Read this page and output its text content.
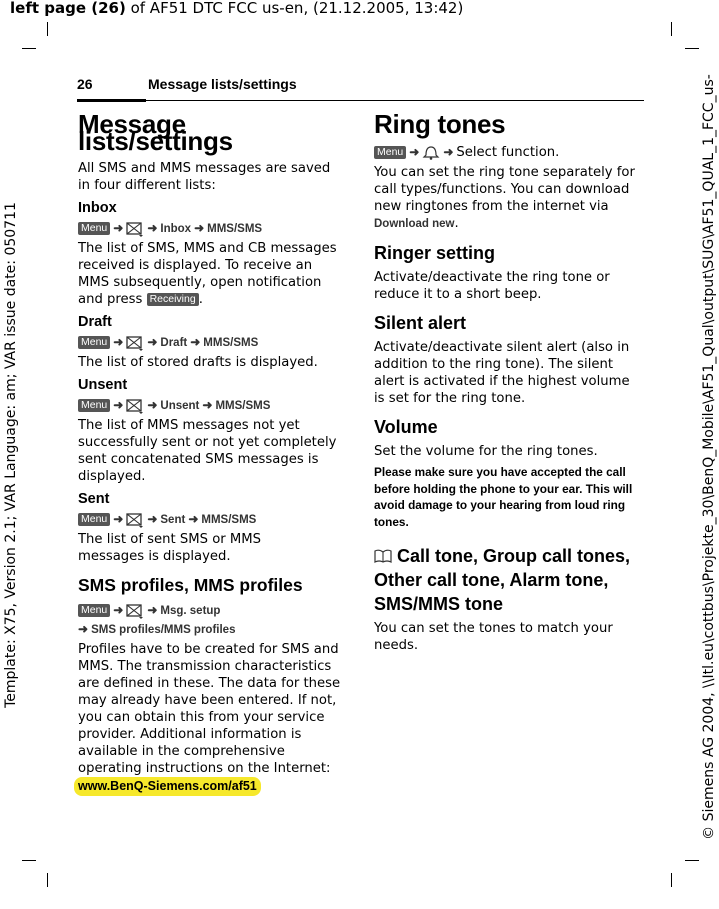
left page (26) of AF51 DTC FCC us-en, (21.12.2005, 13:42)
Template: X75, Version 2.1; VAR Language: am; VAR issue date: 050711	© Siemens AG 2004, \\Itl.eu\cottbus\Projekte_30\BenQ_Mobile\AF51_Qual\output\SUG\AF51_QUAL_1_FCC_us-
26	Message lists/settings
Message lists/settings

All SMS and MMS messages are saved in four different lists:

Inbox
Menu ➜ ➜ Inbox ➜ MMS/SMS

The list of SMS, MMS and CB messages received is displayed. To receive an MMS subsequently, open notification and press Receiving .

Draft
Menu ➜ ➜ Draft ➜ MMS/SMS

The list of stored drafts is displayed.

Unsent
Menu ➜ ➜ Unsent ➜ MMS/SMS

The list of MMS messages not yet successfully sent or not yet completely sent concatenated SMS messages is displayed.

Sent
Menu ➜ ➜ Sent ➜ MMS/SMS

The list of sent SMS or MMS messages is displayed.

SMS profiles, MMS profiles
Menu ➜ ➜ Msg. setup
➜ SMS profiles/MMS profiles

Profiles have to be created for SMS and MMS. The transmission characteristics are defined in these. The data for these may already have been entered. If not, you can obtain this from your service provider. Additional information is available in the comprehensive operating instructions on the Internet:

www.BenQ-Siemens.com/af51
Ring tones
Menu ➜ ➜ Select function.

You can set the ring tone separately for call types/functions. You can download new ringtones from the internet via Download new.

Ringer setting

Activate/deactivate the ring tone or reduce it to a short beep.

Silent alert

Activate/deactivate silent alert (also in addition to the ring tone). The silent alert is activated if the highest volume is set for the ring tone.

Volume

Set the volume for the ring tones.

Please make sure you have accepted the call before holding the phone to your ear. This will avoid damage to your hearing from loud ring tones.

Call tone, Group call tones, Other call tone, Alarm tone, SMS/MMS tone

You can set the tones to match your needs.
